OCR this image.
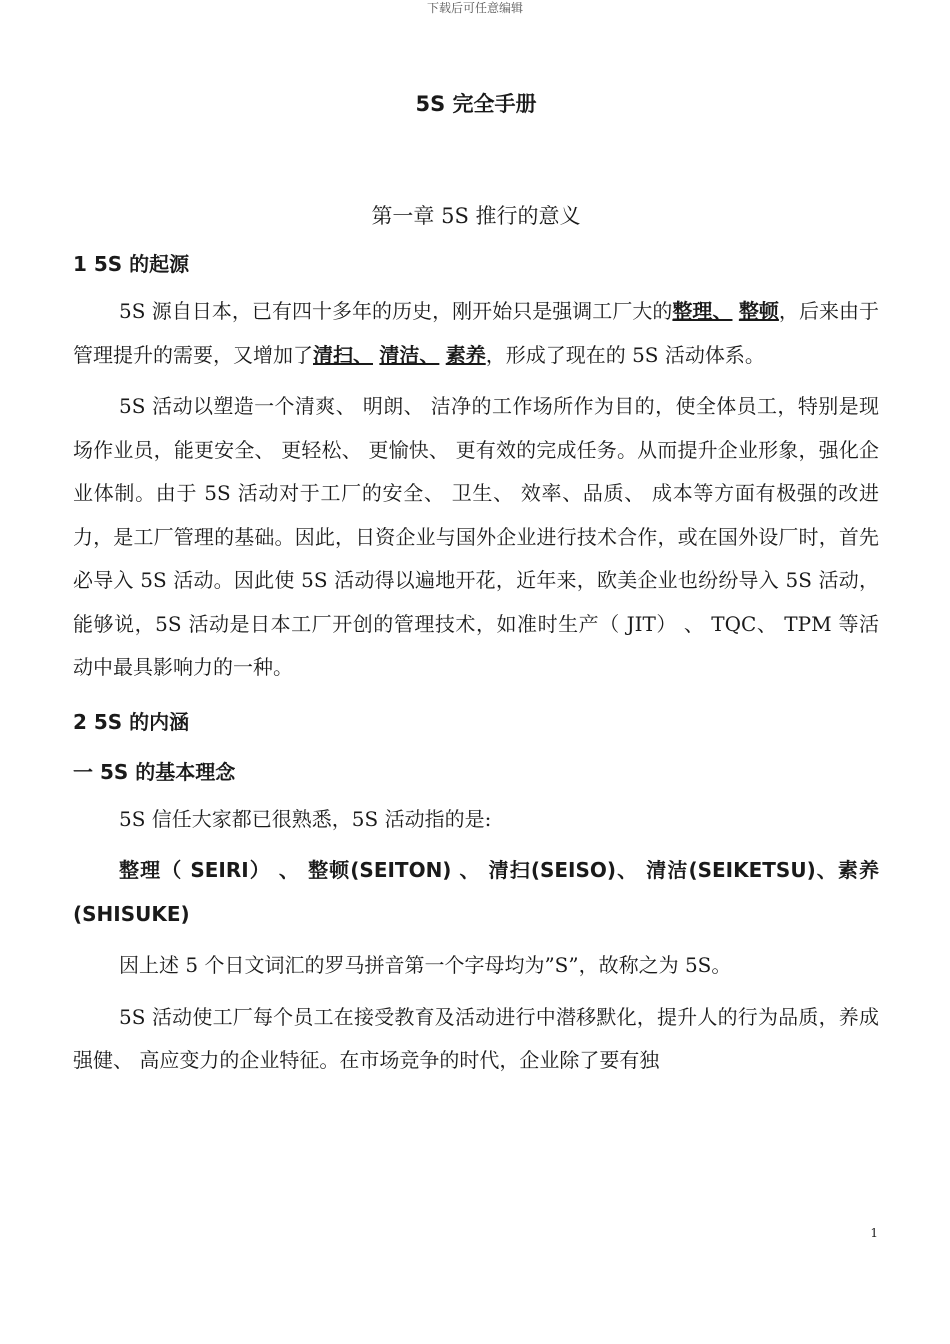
下载后可任意编辑
5S 完全手册
第一章 5S 推行的意义
1 5S 的起源

5S 源自日本，已有四十多年的历史，刚开始只是强调工厂大的整理、 整顿，后来由于管理提升的需要，又增加了清扫、 清洁、 素养，形成了现在的 5S 活动体系。

5S 活动以塑造一个清爽、 明朗、 洁净的工作场所作为目的，使全体员工，特别是现场作业员，能更安全、 更轻松、 更愉快、 更有效的完成任务。从而提升企业形象，强化企业体制。由于 5S 活动对于工厂的安全、 卫生、 效率、品质、 成本等方面有极强的改进力，是工厂管理的基础。因此，日资企业与国外企业进行技术合作，或在国外设厂时，首先必导入 5S 活动。因此使 5S 活动得以遍地开花，近年来，欧美企业也纷纷导入 5S 活动，能够说，5S 活动是日本工厂开创的管理技术，如准时生产（ JIT） 、 TQC、 TPM 等活动中最具影响力的一种。

2 5S 的内涵
一 5S 的基本理念

5S 信任大家都已很熟悉，5S 活动指的是:

整理（ SEIRI） 、 整顿(SEITON) 、 清扫(SEISO)、 清洁(SEIKETSU)、素养(SHISUKE)

因上述 5 个日文词汇的罗马拼音第一个字母均为”S”，故称之为 5S。

5S 活动使工厂每个员工在接受教育及活动进行中潜移默化，提升人的行为品质，养成强健、 高应变力的企业特征。在市场竞争的时代，企业除了要有独

1
